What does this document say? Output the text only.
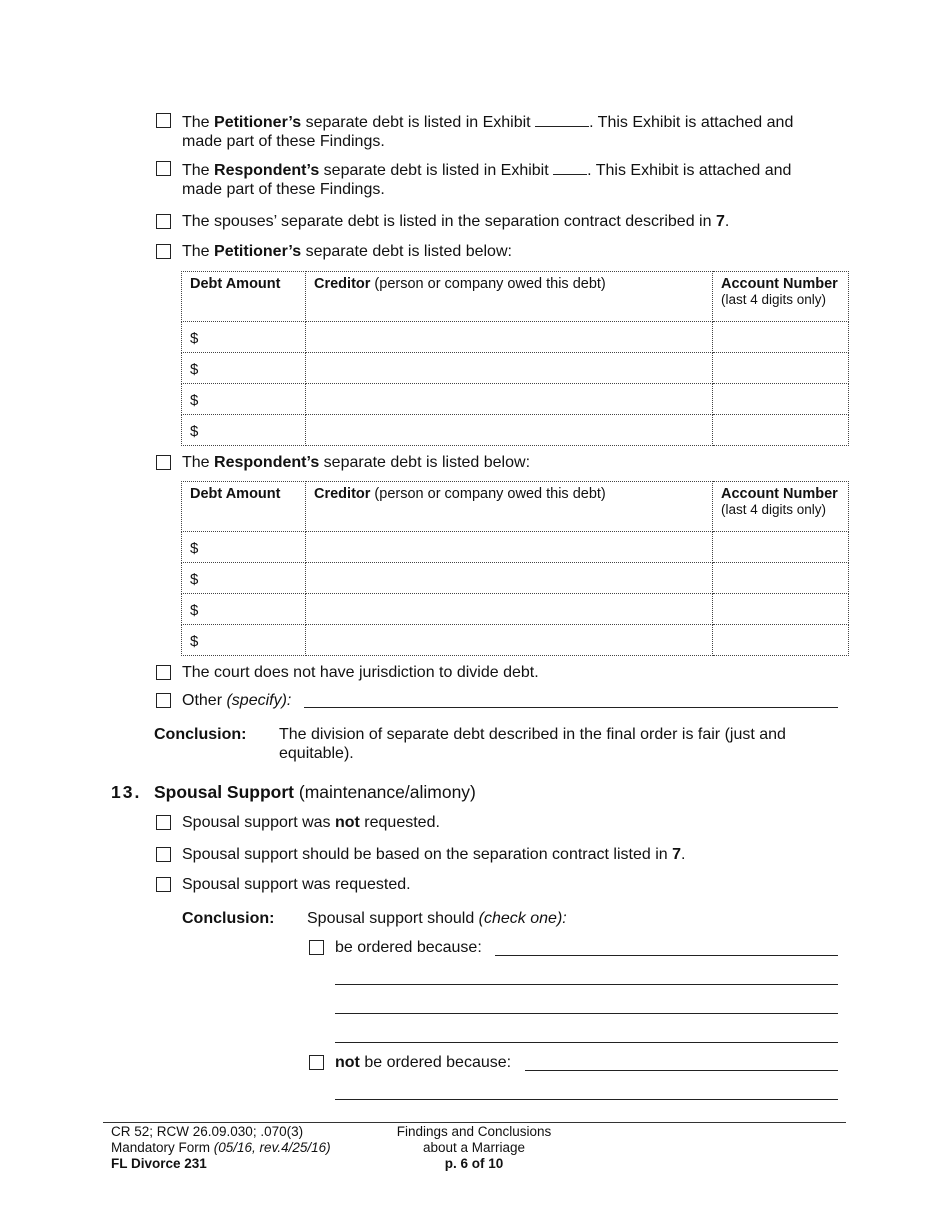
The Petitioner’s separate debt is listed in Exhibit	. This Exhibit is attached and
made part of these Findings.
The Respondent’s separate debt is listed in Exhibit . This Exhibit is attached and
made part of these Findings.
The spouses’ separate debt is listed in the separation contract described in 7.
The Petitioner’s separate debt is listed below:
Debt Amount	Creditor (person or company owed this debt)	Account Number
(last 4 digits only)
$		
$		
$		
$		
The Respondent’s separate debt is listed below:
Debt Amount	Creditor (person or company owed this debt)	Account Number
(last 4 digits only)
$		
$		
$		
$		
The court does not have jurisdiction to divide debt.
Other (specify):
Conclusion: The division of separate debt described in the final order is fair (just and
equitable).
13. Spousal Support (maintenance/alimony)
Spousal support was not requested.
Spousal support should be based on the separation contract listed in 7.
Spousal support was requested.
Conclusion: Spousal support should (check one):
be ordered because:
not be ordered because:
CR 52; RCW 26.09.030; .070(3)
Mandatory Form (05/16, rev.4/25/16)
FL Divorce 231
Findings and Conclusions
about a Marriage
p. 6 of 10
